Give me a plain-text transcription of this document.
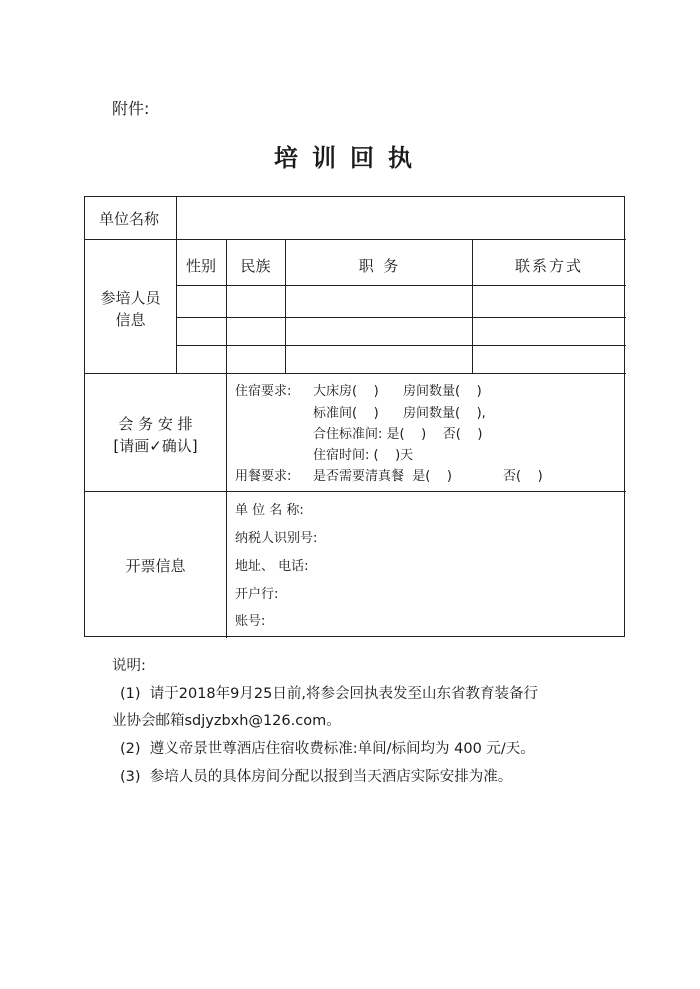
附件:
培训回执
单位名称
参培人员
信息
性别	民族	职  务	联系方式
会 务 安 排
[请画✓确认]
住宿要求: 大床房(    ) 房间数量(    )
标准间(    ) 房间数量(    ),
合住标准间: 是(    )    否(    )
住宿时间: (    )天
用餐要求: 是否需要清真餐  是(    )	否(    )
开票信息
单 位 名 称:
纳税人识别号:
地址、 电话:
开户行:
账号:
说明:
(1)  请于2018年9月25日前,将参会回执表发至山东省教育装备行
业协会邮箱sdjyzbxh@126.com。
(2)  遵义帝景世尊酒店住宿收费标准:单间/标间均为 400 元/天。
(3)  参培人员的具体房间分配以报到当天酒店实际安排为准。
